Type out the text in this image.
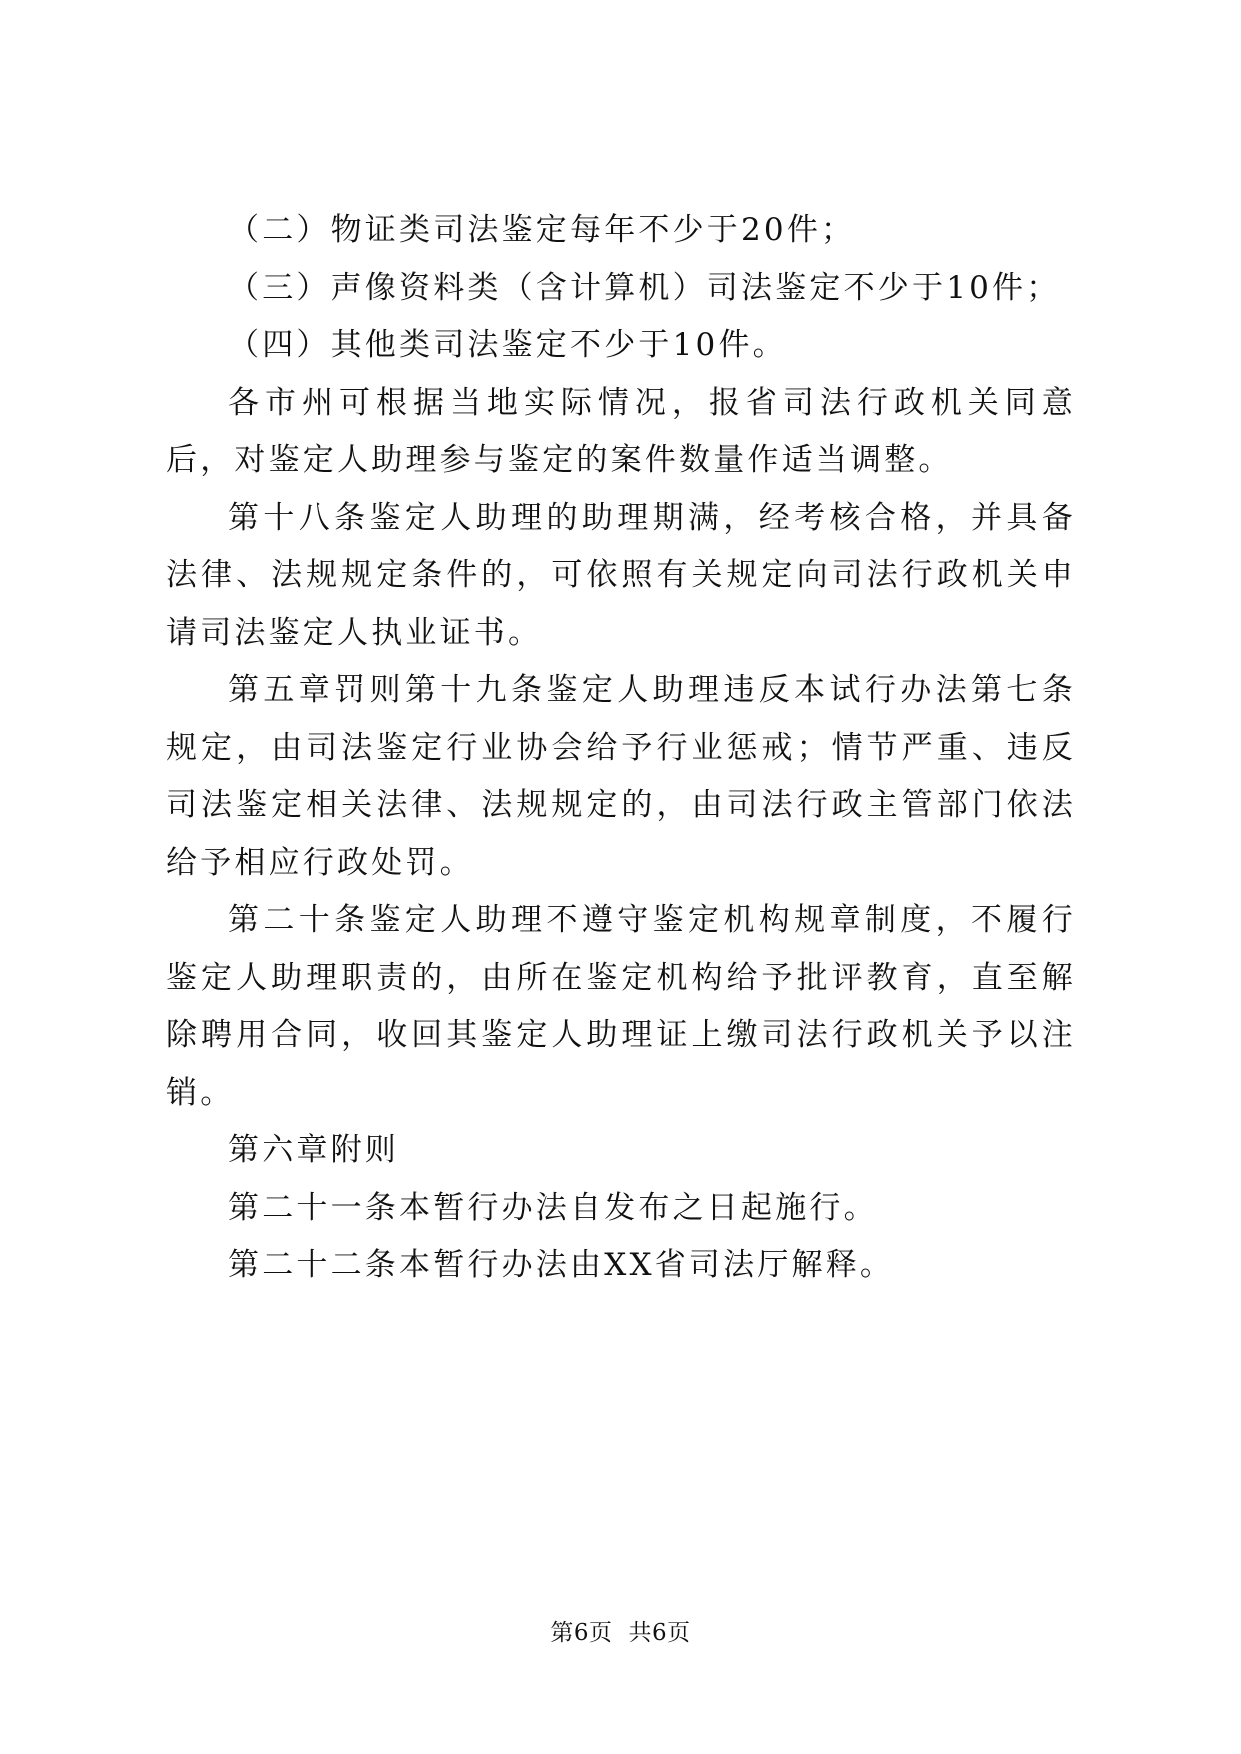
（二）物证类司法鉴定每年不少于20件；

（三）声像资料类（含计算机）司法鉴定不少于10件；

（四）其他类司法鉴定不少于10件。

各市州可根据当地实际情况，报省司法行政机关同意后，对鉴定人助理参与鉴定的案件数量作适当调整。

第十八条鉴定人助理的助理期满，经考核合格，并具备法律、法规规定条件的，可依照有关规定向司法行政机关申请司法鉴定人执业证书。

第五章罚则第十九条鉴定人助理违反本试行办法第七条规定，由司法鉴定行业协会给予行业惩戒；情节严重、违反司法鉴定相关法律、法规规定的，由司法行政主管部门依法给予相应行政处罚。

第二十条鉴定人助理不遵守鉴定机构规章制度，不履行鉴定人助理职责的，由所在鉴定机构给予批评教育，直至解除聘用合同，收回其鉴定人助理证上缴司法行政机关予以注销。

第六章附则

第二十一条本暂行办法自发布之日起施行。

第二十二条本暂行办法由XX省司法厅解释。

第6页 共6页
